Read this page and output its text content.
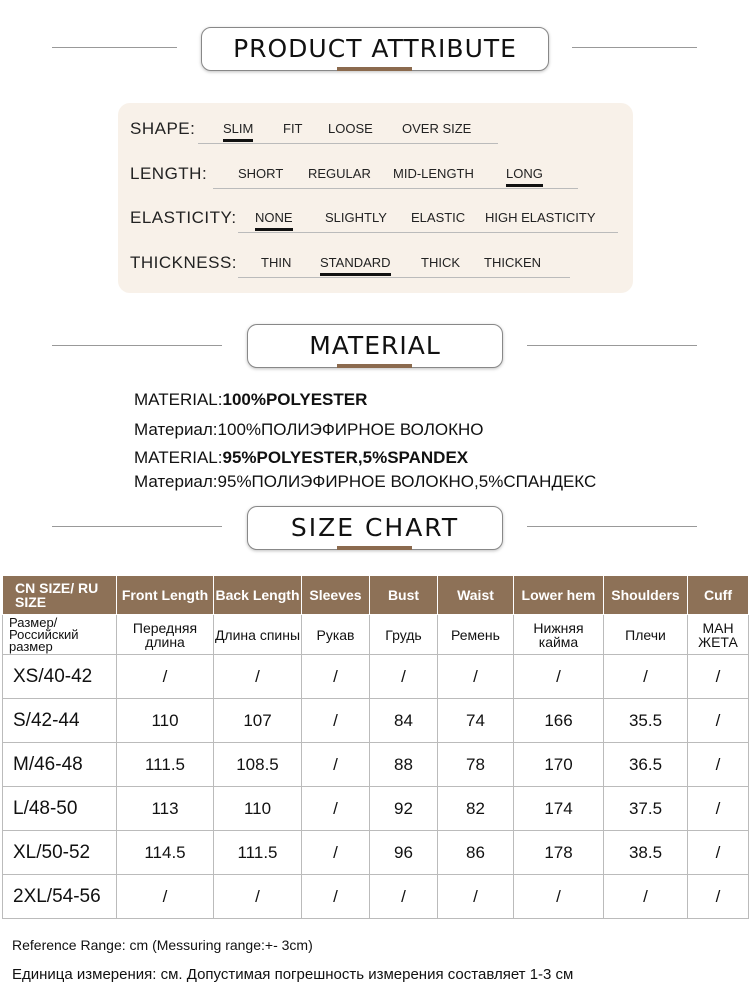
PRODUCT ATTRIBUTE
SHAPE: SLIM FIT LOOSE OVER SIZE
LENGTH: SHORT REGULAR MID-LENGTH LONG
ELASTICITY: NONE SLIGHTLY ELASTIC HIGH ELASTICITY
THICKNESS: THIN STANDARD THICK THICKEN
MATERIAL
MATERIAL:100%POLYESTER
Материал:100%ПОЛИЭФИРНОЕ ВОЛОКНО
MATERIAL:95%POLYESTER,5%SPANDEX
Материал:95%ПОЛИЭФИРНОЕ ВОЛОКНО,5%СПАНДЕКС
SIZE CHART
CN SIZE/ RU SIZE	Front Length	Back Length	Sleeves	Bust	Waist	Lower hem	Shoulders	Cuff
Размер/ Российский размер	Передняя длина	Длина спины	Рукав	Грудь	Ремень	Нижняя кайма	Плечи	МАН ЖЕТА
XS/40-42	/	/	/	/	/	/	/	/
S/42-44	110	107	/	84	74	166	35.5	/
M/46-48	111.5	108.5	/	88	78	170	36.5	/
L/48-50	113	110	/	92	82	174	37.5	/
XL/50-52	114.5	111.5	/	96	86	178	38.5	/
2XL/54-56	/	/	/	/	/	/	/	/
Reference Range: cm (Messuring range:+- 3cm)
Единица измерения: см. Допустимая погрешность измерения составляет 1-3 см
